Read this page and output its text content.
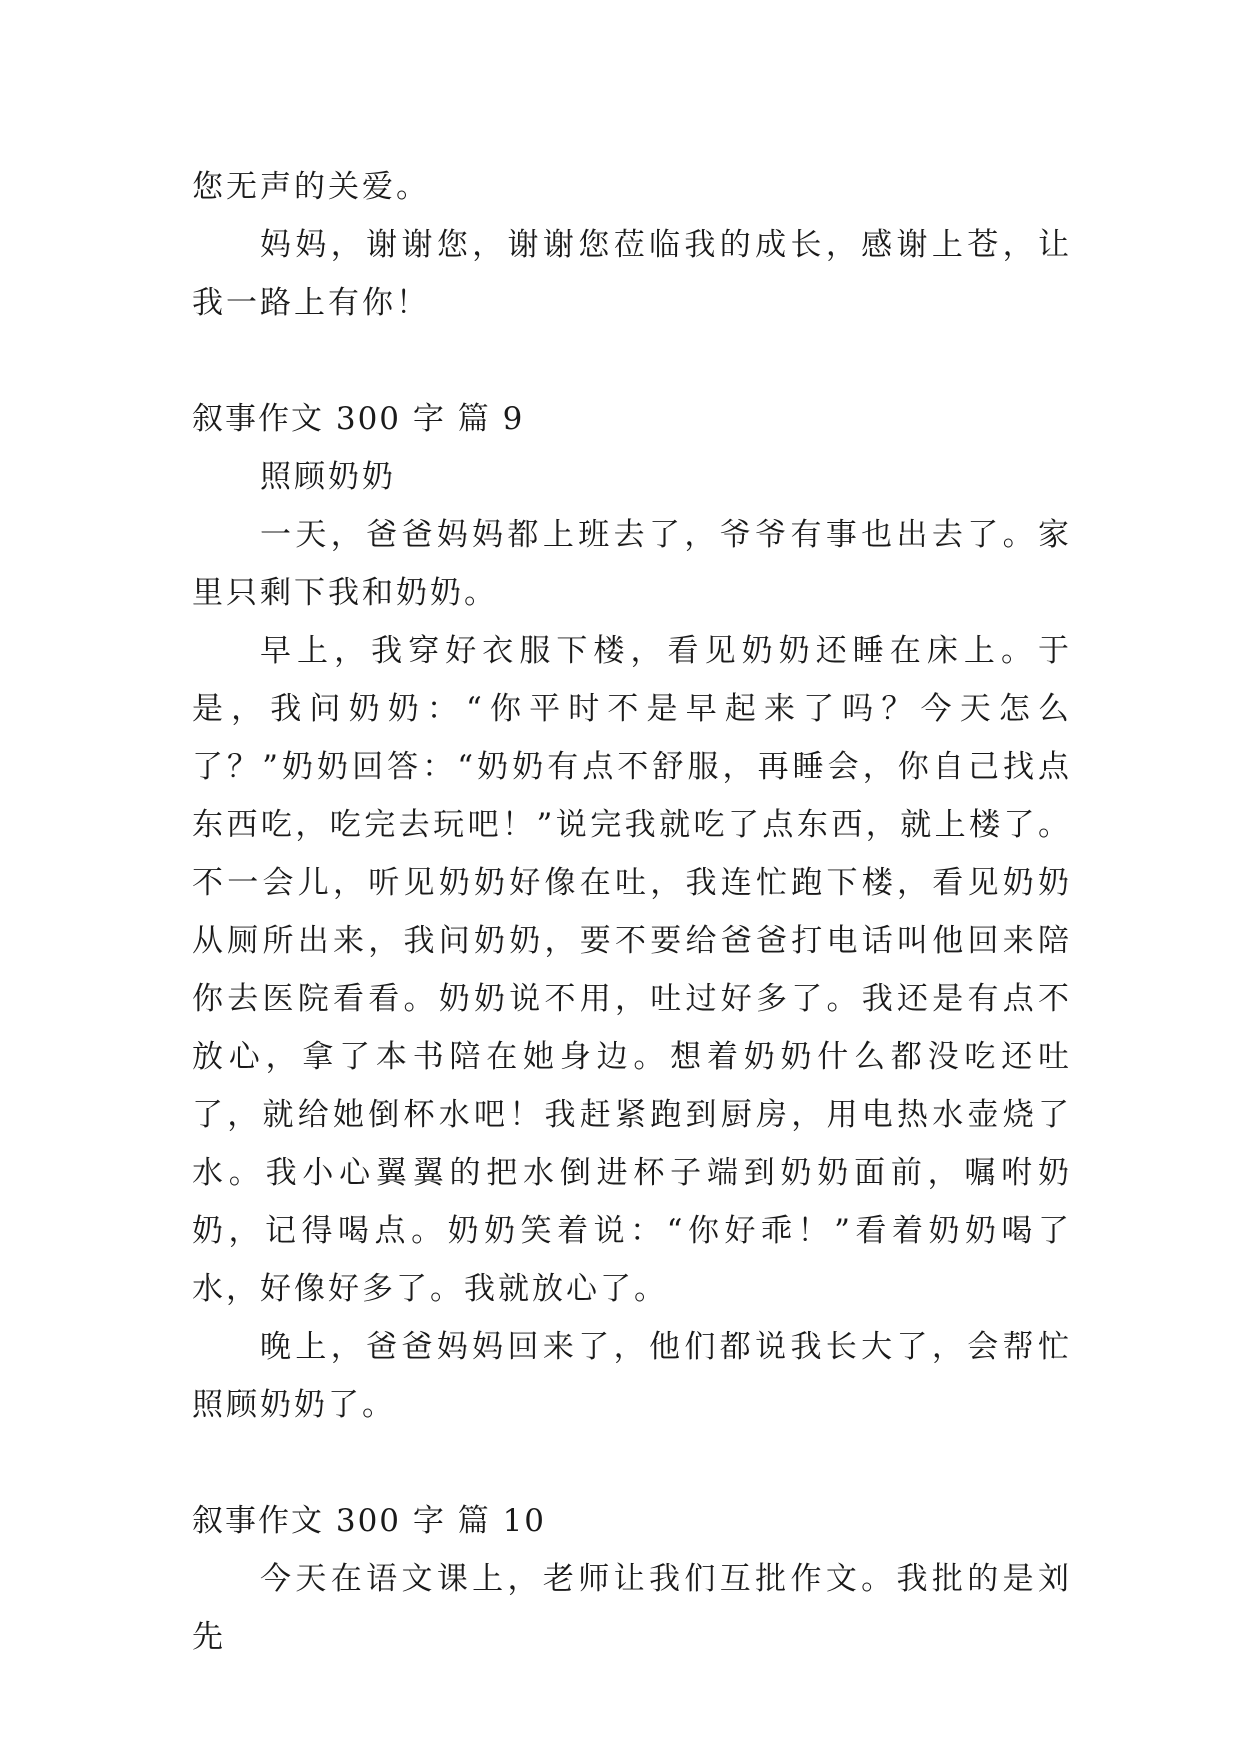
您无声的关爱。

妈妈，谢谢您，谢谢您莅临我的成长，感谢上苍，让我一路上有你！

叙事作文 300 字 篇 9

照顾奶奶

一天，爸爸妈妈都上班去了，爷爷有事也出去了。家里只剩下我和奶奶。

早上，我穿好衣服下楼，看见奶奶还睡在床上。于是，我问奶奶：“你平时不是早起来了吗？今天怎么了？”奶奶回答：“奶奶有点不舒服，再睡会，你自己找点东西吃，吃完去玩吧！”说完我就吃了点东西，就上楼了。不一会儿，听见奶奶好像在吐，我连忙跑下楼，看见奶奶从厕所出来，我问奶奶，要不要给爸爸打电话叫他回来陪你去医院看看。奶奶说不用，吐过好多了。我还是有点不放心，拿了本书陪在她身边。想着奶奶什么都没吃还吐了，就给她倒杯水吧！我赶紧跑到厨房，用电热水壶烧了水。我小心翼翼的把水倒进杯子端到奶奶面前，嘱咐奶奶，记得喝点。奶奶笑着说：“你好乖！”看着奶奶喝了水，好像好多了。我就放心了。

晚上，爸爸妈妈回来了，他们都说我长大了，会帮忙照顾奶奶了。

叙事作文 300 字 篇 10

今天在语文课上，老师让我们互批作文。我批的是刘先
